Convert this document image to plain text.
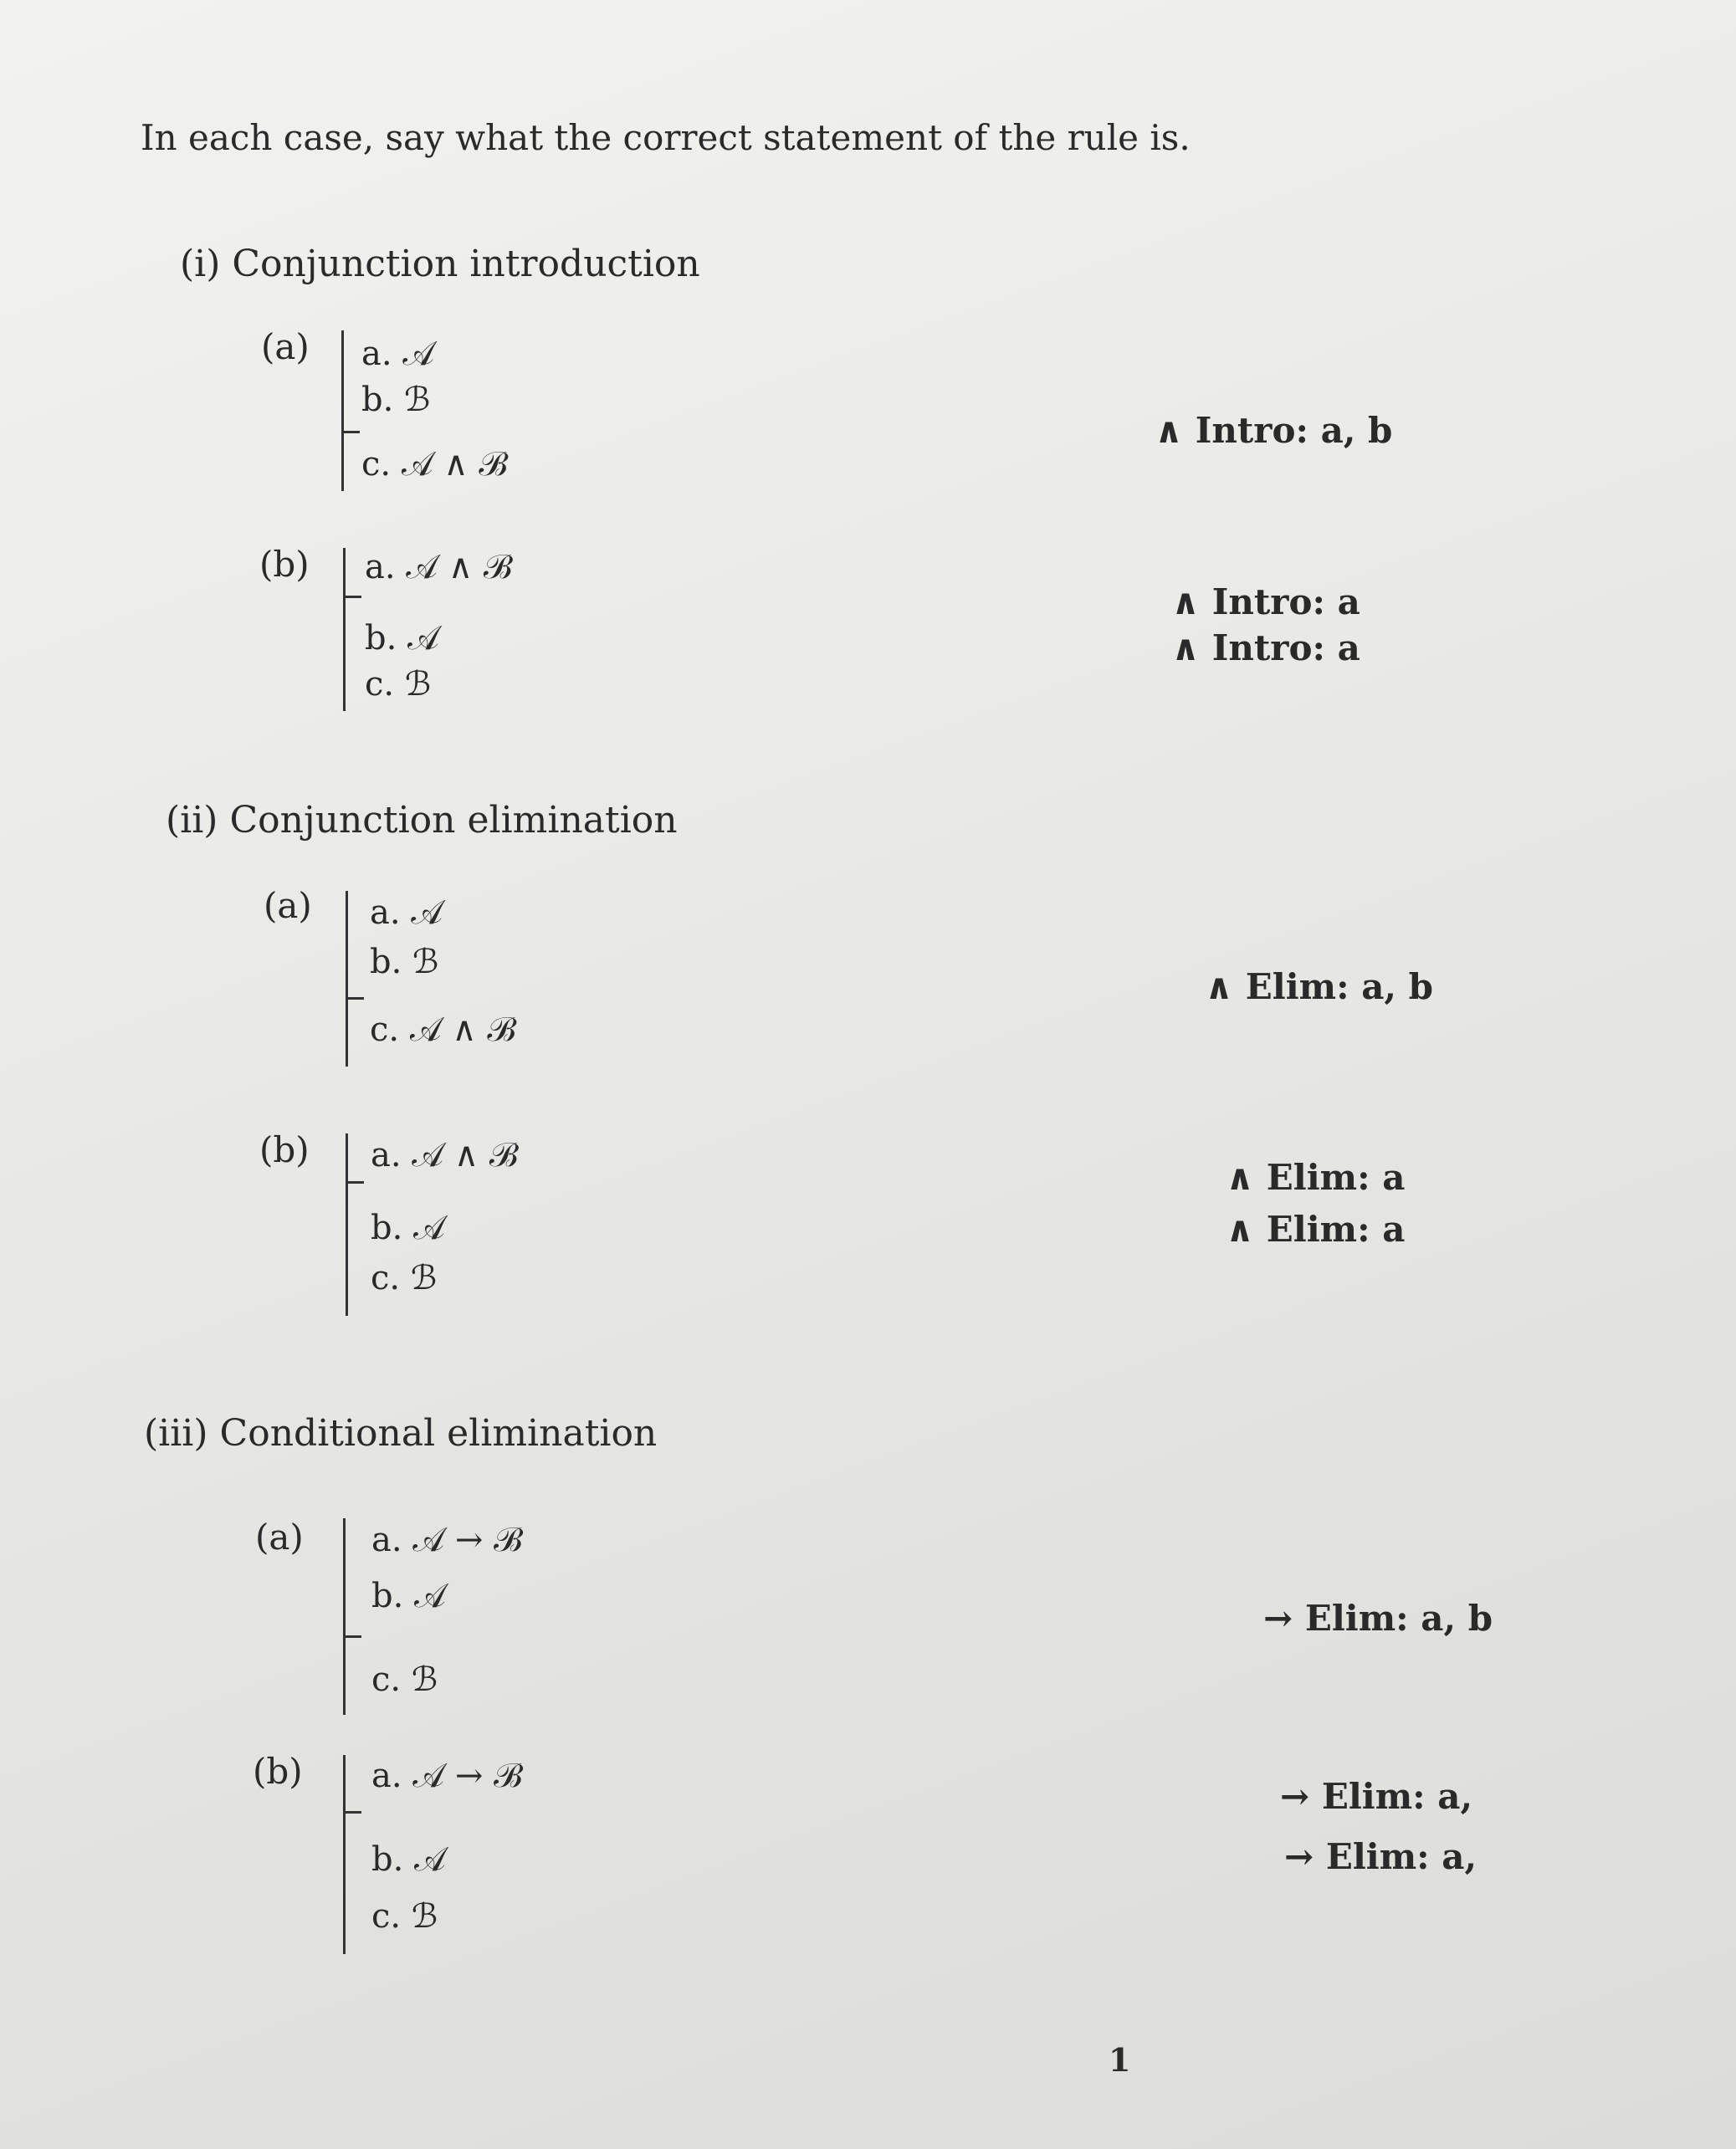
In each case, say what the correct statement of the rule is.
(i) Conjunction introduction
(a) a. 𝒜
b. ℬ
c. 𝒜 ∧ ℬ
∧ Intro: a, b
(b) a. 𝒜 ∧ ℬ
b. 𝒜
c. ℬ
∧ Intro: a
∧ Intro: a
(ii) Conjunction elimination
(a) a. 𝒜
b. ℬ
c. 𝒜 ∧ ℬ
∧ Elim: a, b
(b) a. 𝒜 ∧ ℬ
b. 𝒜
c. ℬ
∧ Elim: a
∧ Elim: a
(iii) Conditional elimination
(a) a. 𝒜 → ℬ
b. 𝒜
c. ℬ
→ Elim: a, b
(b) a. 𝒜 → ℬ
b. 𝒜
c. ℬ
→ Elim: a,
→ Elim: a,
1
